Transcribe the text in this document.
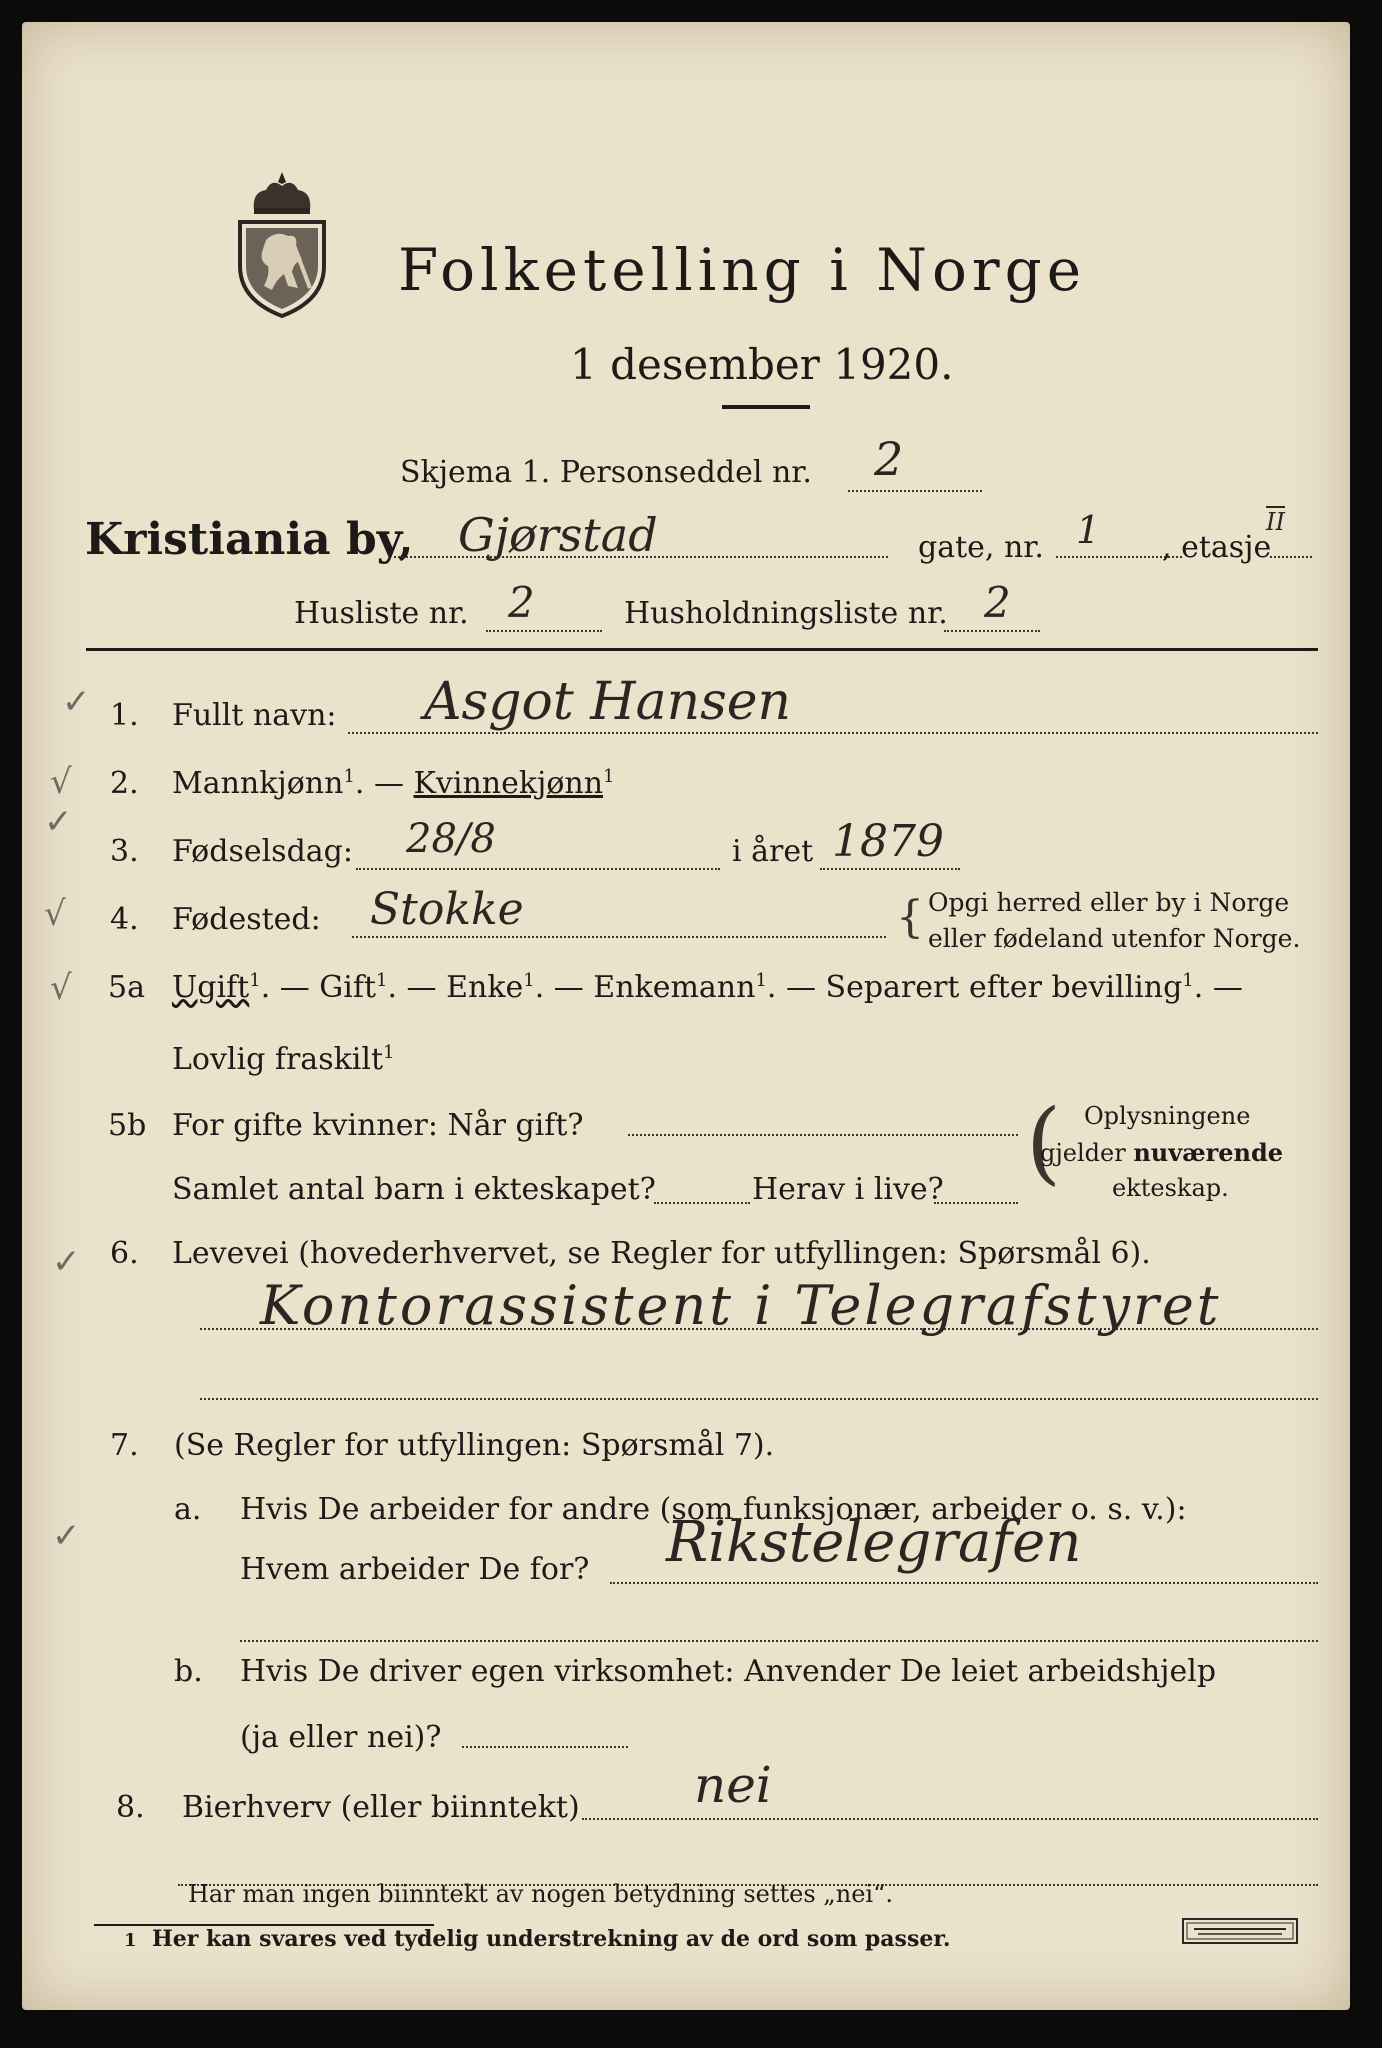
Folketelling i Norge
1 desember 1920.
Skjema 1. Personseddel nr. 2
Kristiania by, Gjørstad	gate, nr. 1 , etasje
$\overline{II}$
Husliste nr. 2	Husholdningsliste nr. 2
✓
√
✓
√
√
✓
✓
1. Fullt navn: Asgot Hansen
2. Mannkjønn$^1$. — Kvinnekjønn$^1$
3. Fødselsdag: 28/8	i året 1879
4. Fødested: Stokke	{ Opgi herred eller by i Norge
eller fødeland utenfor Norge.
5a Ugift$^1$. — Gift$^1$. — Enke$^1$. — Enkemann$^1$. — Separert efter bevilling$^1$. —
Lovlig fraskilt$^1$
5b For gifte kvinner: Når gift?
Samlet antal barn i ekteskapet?	Herav i live? ( Oplysningene
gjelder nuværende
ekteskap.
6. Levevei (hovederhvervet, se Regler for utfyllingen: Spørsmål 6).
Kontorassistent i Telegrafstyret
7. (Se Regler for utfyllingen: Spørsmål 7).
a. Hvis De arbeider for andre (som funksjonær, arbeider o. s. v.):
Hvem arbeider De for? Rikstelegrafen
b. Hvis De driver egen virksomhet: Anvender De leiet arbeidshjelp
(ja eller nei)?
8. Bierhverv (eller biinntekt) nei
Har man ingen biinntekt av nogen betydning settes „nei“.
1 Her kan svares ved tydelig understrekning av de ord som passer.
